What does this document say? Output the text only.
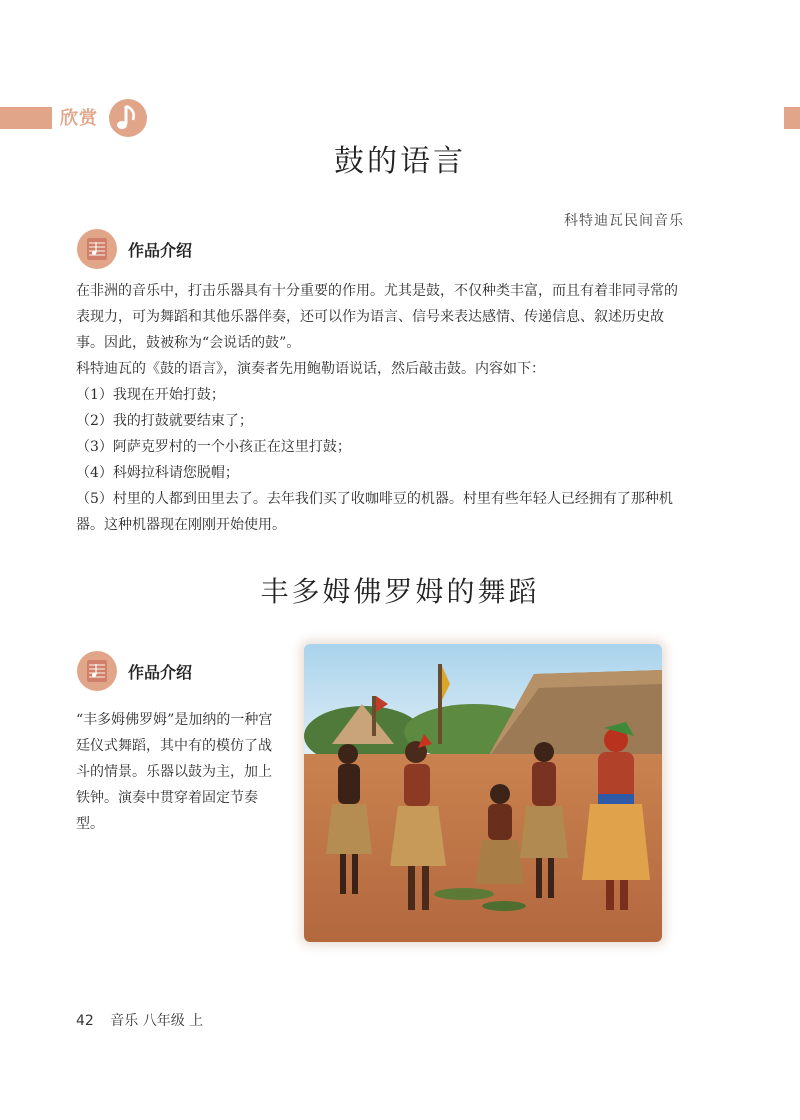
欣赏
鼓的语言
科特迪瓦民间音乐
作品介绍

在非洲的音乐中，打击乐器具有十分重要的作用。尤其是鼓，不仅种类丰富，而且有着非同寻常的表现力，可为舞蹈和其他乐器伴奏，还可以作为语言、信号来表达感情、传递信息、叙述历史故事。因此，鼓被称为“会说话的鼓”。

科特迪瓦的《鼓的语言》，演奏者先用鲍勒语说话，然后敲击鼓。内容如下：

（1）我现在开始打鼓；

（2）我的打鼓就要结束了；

（3）阿萨克罗村的一个小孩正在这里打鼓；

（4）科姆拉科请您脱帽；

（5）村里的人都到田里去了。去年我们买了收咖啡豆的机器。村里有些年轻人已经拥有了那种机器。这种机器现在刚刚开始使用。

丰多姆佛罗姆的舞蹈
作品介绍
“丰多姆佛罗姆”是加纳的一种宫廷仪式舞蹈，其中有的模仿了战斗的情景。乐器以鼓为主，加上铁钟。演奏中贯穿着固定节奏型。
42 音乐 八年级 上
